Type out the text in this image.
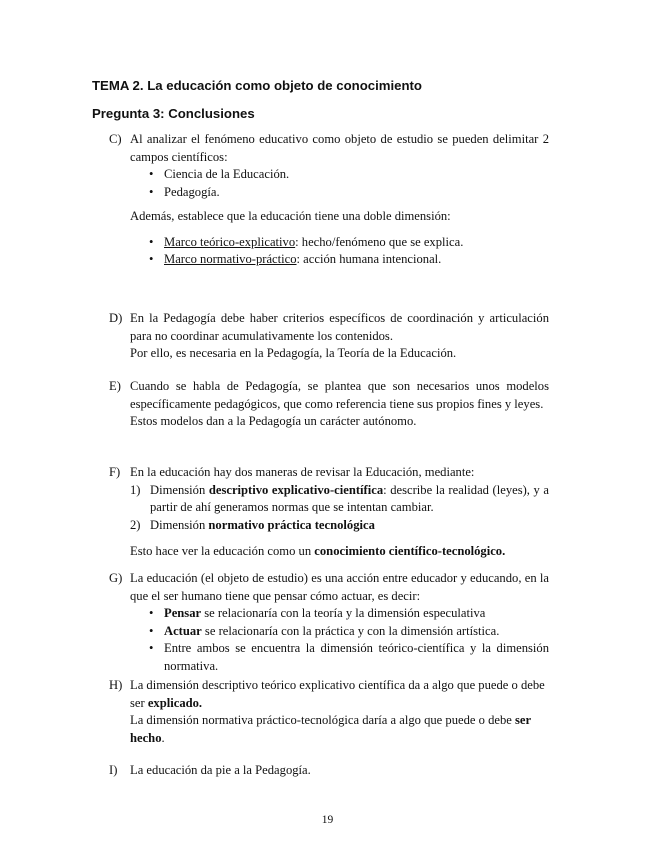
TEMA 2. La educación como objeto de conocimiento
Pregunta 3: Conclusiones
C) Al analizar el fenómeno educativo como objeto de estudio se pueden delimitar 2 campos científicos:

• Ciencia de la Educación.
• Pedagogía.

Además, establece que la educación tiene una doble dimensión:

• Marco teórico-explicativo: hecho/fenómeno que se explica.
• Marco normativo-práctico: acción humana intencional.
D) En la Pedagogía debe haber criterios específicos de coordinación y articulación para no coordinar acumulativamente los contenidos.

Por ello, es necesaria en la Pedagogía, la Teoría de la Educación.

E) Cuando se habla de Pedagogía, se plantea que son necesarios unos modelos específicamente pedagógicos, que como referencia tiene sus propios fines y leyes.

Estos modelos dan a la Pedagogía un carácter autónomo.

F) En la educación hay dos maneras de revisar la Educación, mediante:

1) Dimensión descriptivo explicativo-científica: describe la realidad (leyes), y a partir de ahí generamos normas que se intentan cambiar.
2) Dimensión normativo práctica tecnológica

Esto hace ver la educación como un conocimiento científico-tecnológico.

G) La educación (el objeto de estudio) es una acción entre educador y educando, en la que el ser humano tiene que pensar cómo actuar, es decir:

• Pensar se relacionaría con la teoría y la dimensión especulativa
• Actuar se relacionaría con la práctica y con la dimensión artística.
• Entre ambos se encuentra la dimensión teórico-científica y la dimensión normativa.
H) La dimensión descriptivo teórico explicativo científica da a algo que puede o debe ser explicado.

La dimensión normativa práctico-tecnológica daría a algo que puede o debe ser hecho.

I)	La educación da pie a la Pedagogía.

19
